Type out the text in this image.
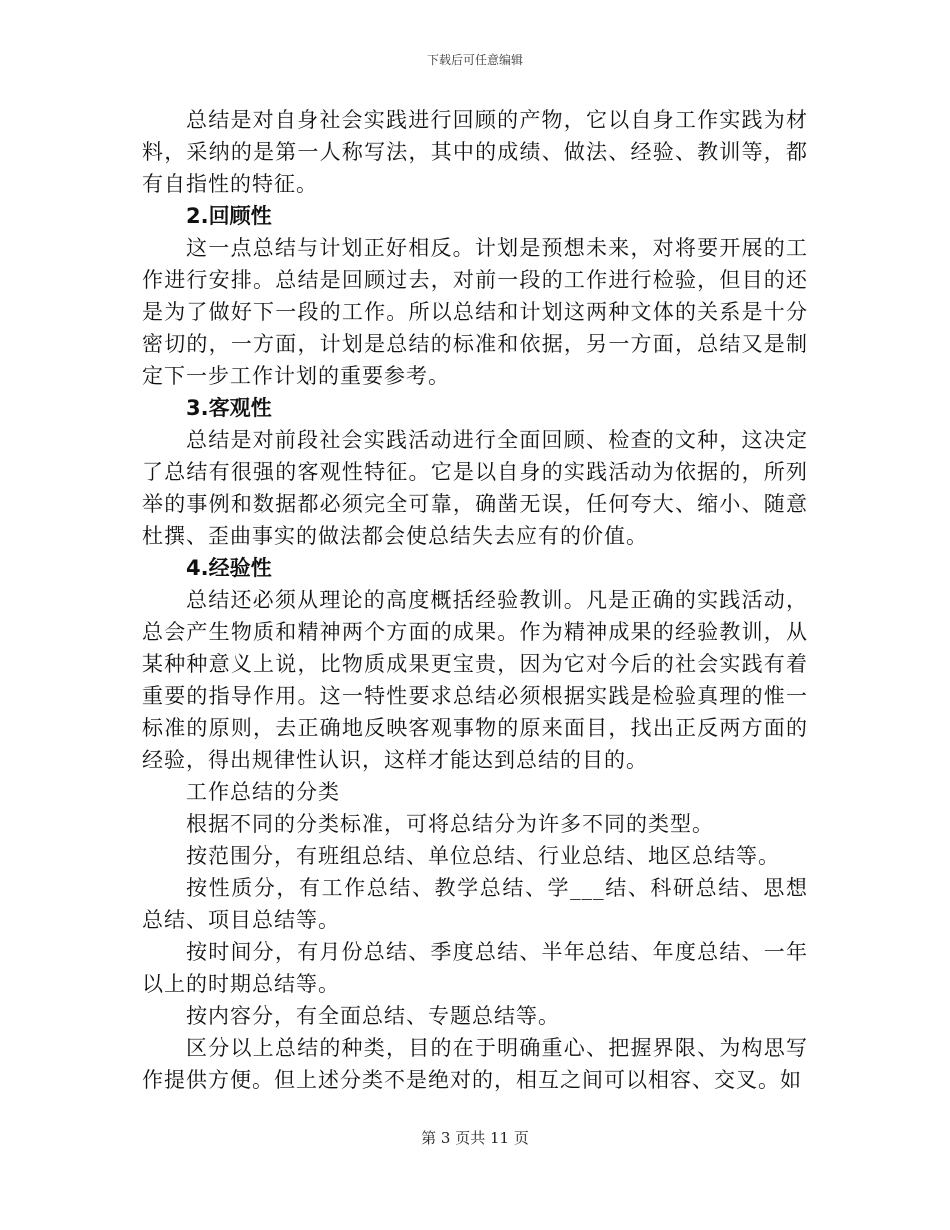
下载后可任意编辑

总结是对自身社会实践进行回顾的产物，它以自身工作实践为材料，采纳的是第一人称写法，其中的成绩、做法、经验、教训等，都有自指性的特征。

2.回顾性

这一点总结与计划正好相反。计划是预想未来，对将要开展的工作进行安排。总结是回顾过去，对前一段的工作进行检验，但目的还是为了做好下一段的工作。所以总结和计划这两种文体的关系是十分密切的，一方面，计划是总结的标准和依据，另一方面，总结又是制定下一步工作计划的重要参考。

3.客观性

总结是对前段社会实践活动进行全面回顾、检查的文种，这决定了总结有很强的客观性特征。它是以自身的实践活动为依据的，所列举的事例和数据都必须完全可靠，确凿无误，任何夸大、缩小、随意杜撰、歪曲事实的做法都会使总结失去应有的价值。

4.经验性

总结还必须从理论的高度概括经验教训。凡是正确的实践活动，总会产生物质和精神两个方面的成果。作为精神成果的经验教训，从某种种意义上说，比物质成果更宝贵，因为它对今后的社会实践有着重要的指导作用。这一特性要求总结必须根据实践是检验真理的惟一标准的原则，去正确地反映客观事物的原来面目，找出正反两方面的经验，得出规律性认识，这样才能达到总结的目的。

工作总结的分类

根据不同的分类标准，可将总结分为许多不同的类型。

按范围分，有班组总结、单位总结、行业总结、地区总结等。

按性质分，有工作总结、教学总结、学___结、科研总结、思想总结、项目总结等。

按时间分，有月份总结、季度总结、半年总结、年度总结、一年以上的时期总结等。

按内容分，有全面总结、专题总结等。

区分以上总结的种类，目的在于明确重心、把握界限、为构思写作提供方便。但上述分类不是绝对的，相互之间可以相容、交叉。如

第 3 页共 11 页
